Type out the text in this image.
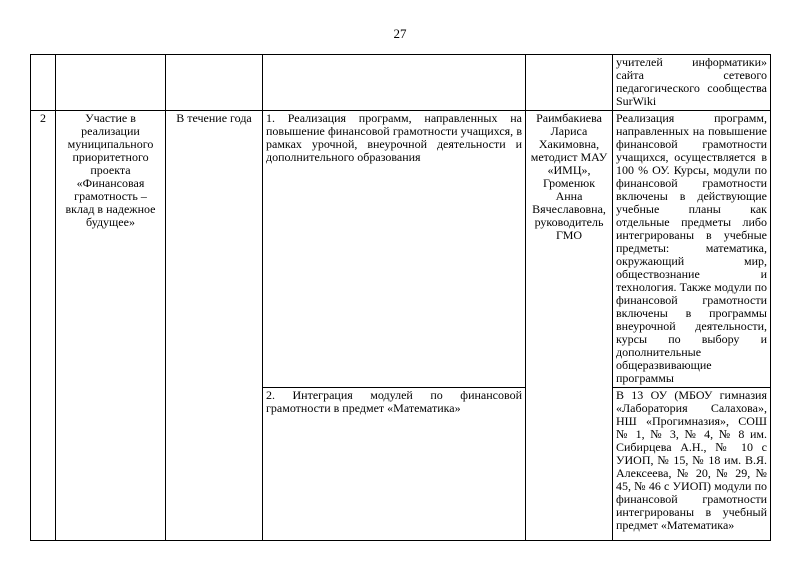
27
					учителей информатики» сайта сетевого педагогического сообщества SurWiki
2	Участие в реализации муниципального приоритетного проекта «Финансовая грамотность – вклад в надежное будущее»	В течение года	1. Реализация программ, направленных на повышение финансовой грамотности учащихся, в рамках урочной, внеурочной деятельности и дополнительного образования	Раимбакиева Лариса Хакимовна, методист МАУ «ИМЦ», Громенюк Анна Вячеславовна, руководитель ГМО	Реализация программ, направленных на повышение финансовой грамотности учащихся, осуществляется в 100 % ОУ. Курсы, модули по финансовой грамотности включены в действующие учебные планы как отдельные предметы либо интегрированы в учебные предметы: математика, окружающий мир, обществознание и технология. Также модули по финансовой грамотности включены в программы внеурочной деятельности, курсы по выбору и дополнительные общеразвивающие программы
			2. Интеграция модулей по финансовой грамотности в предмет «Математика»		В 13 ОУ (МБОУ гимназия «Лаборатория Салахова», НШ «Прогимназия», СОШ № 1, № 3, № 4, № 8 им. Сибирцева А.Н., № 10 с УИОП, № 15, № 18 им. В.Я. Алексеева, № 20, № 29, № 45, № 46 с УИОП) модули по финансовой грамотности интегрированы в учебный предмет «Математика»
